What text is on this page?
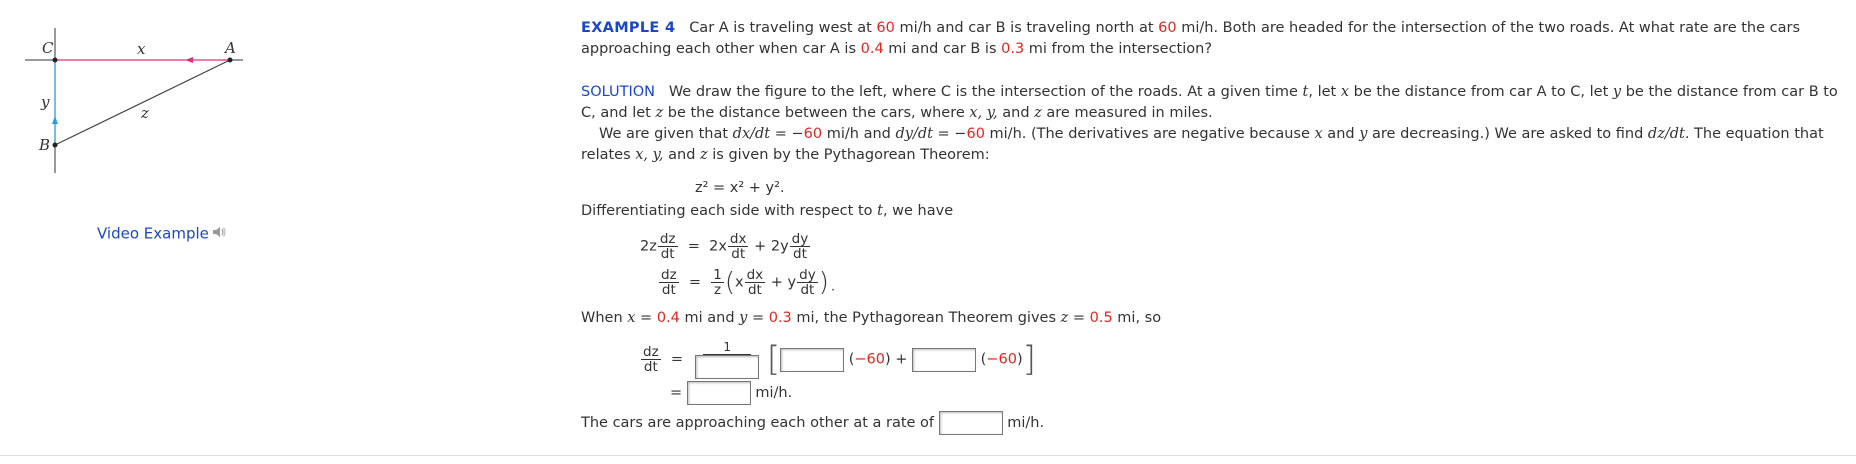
C	A
B
x
y
z
Video Example

EXAMPLE 4 Car A is traveling west at 60 mi/h and car B is traveling north at 60 mi/h. Both are headed for the intersection of the two roads. At what rate are the cars approaching each other when car A is 0.4 mi and car B is 0.3 mi from the intersection?

SOLUTION We draw the figure to the left, where C is the intersection of the roads. At a given time t, let x be the distance from car A to C, let y be the distance from car B to C, and let z be the distance between the cars, where x, y, and z are measured in miles.

We are given that dx/dt = −60 mi/h and dy/dt = −60 mi/h. (The derivatives are negative because x and y are decreasing.) We are asked to find dz/dt. The equation that relates x, y, and z is given by the Pythagorean Theorem:

z² = x² + y².
Differentiating each side with respect to t, we have
$2z \frac{dz}{dt} = 2x \frac{dx}{dt} + 2y \frac{dy}{dt}$
$\frac{dz}{dt} = \frac{1}{z} (x \frac{dx}{dt} + y \frac{dy}{dt}$ ).
When x = 0.4 mi and y = 0.3 mi, the Pythagorean Theorem gives z = 0.5 mi, so
$\frac{dz}{dt}$ =
1	[	(−60) +	(−60)]
=	mi/h.
The cars are approaching each other at a rate of	mi/h.
